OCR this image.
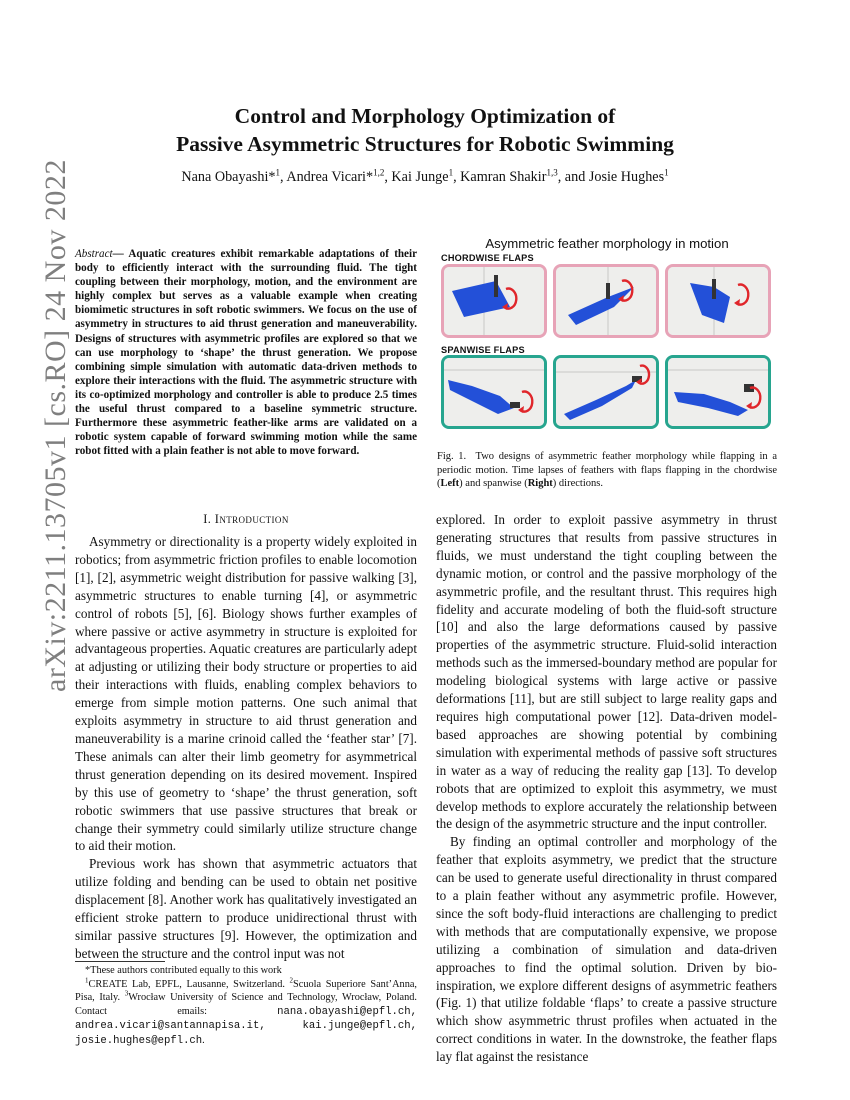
arXiv:2211.13705v1 [cs.RO] 24 Nov 2022
Control and Morphology Optimization of
Passive Asymmetric Structures for Robotic Swimming
Nana Obayashi*$^1$, Andrea Vicari*$^{1,2}$, Kai Junge$^1$, Kamran Shakir$^{1,3}$, and Josie Hughes$^1$
Abstract— Aquatic creatures exhibit remarkable adaptations of their body to efficiently interact with the surrounding fluid. The tight coupling between their morphology, motion, and the environment are highly complex but serves as a valuable example when creating biomimetic structures in soft robotic swimmers. We focus on the use of asymmetry in structures to aid thrust generation and maneuverability. Designs of structures with asymmetric profiles are explored so that we can use morphology to ‘shape’ the thrust generation. We propose combining simple simulation with automatic data-driven methods to explore their interactions with the fluid. The asymmetric structure with its co-optimized morphology and controller is able to produce 2.5 times the useful thrust compared to a baseline symmetric structure. Furthermore these asymmetric feather-like arms are validated on a robotic system capable of forward swimming motion while the same robot fitted with a plain feather is not able to move forward.
I. Introduction

Asymmetry or directionality is a property widely exploited in robotics; from asymmetric friction profiles to enable locomotion [1], [2], asymmetric weight distribution for passive walking [3], asymmetric structures to enable turning [4], or asymmetric control of robots [5], [6]. Biology shows further examples of where passive or active asymmetry in structure is exploited for advantageous properties. Aquatic creatures are particularly adept at adjusting or utilizing their body structure or properties to aid their interactions with fluids, enabling complex behaviors to emerge from simple motion patterns. One such animal that exploits asymmetry in structure to aid thrust generation and maneuverability is a marine crinoid called the ‘feather star’ [7]. These animals can alter their limb geometry for asymmetrical thrust generation depending on its desired movement. Inspired by this use of geometry to ‘shape’ the thrust generation, soft robotic swimmers that use passive structures that break or change their symmetry could similarly utilize structure change to aid their motion.

Previous work has shown that asymmetric actuators that utilize folding and bending can be used to obtain net positive displacement [8]. Another work has qualitatively investigated an efficient stroke pattern to produce unidirectional thrust with similar passive structures [9]. However, the optimization and between the structure and the control input was not

*These authors contributed equally to this work

$^1$CREATE Lab, EPFL, Lausanne, Switzerland. $^2$Scuola Superiore Sant’Anna, Pisa, Italy. $^3$Wrocław University of Science and Technology, Wrocław, Poland. Contact emails: nana.obayashi@epfl.ch, andrea.vicari@santannapisa.it, kai.junge@epfl.ch, josie.hughes@epfl.ch.

Asymmetric feather morphology in motion
CHORDWISE FLAPS
SPANWISE FLAPS
Fig. 1. Two designs of asymmetric feather morphology while flapping in a periodic motion. Time lapses of feathers with flaps flapping in the chordwise (Left) and spanwise (Right) directions.

explored. In order to exploit passive asymmetry in thrust generating structures that results from passive structures in fluids, we must understand the tight coupling between the dynamic motion, or control and the passive morphology of the asymmetric profile, and the resultant thrust. This requires high fidelity and accurate modeling of both the fluid-soft structure [10] and also the large deformations caused by passive properties of the asymmetric structure. Fluid-solid interaction methods such as the immersed-boundary method are popular for modeling biological systems with large active or passive deformations [11], but are still subject to large reality gaps and requires high computational power [12]. Data-driven model-based approaches are showing potential by combining simulation with experimental methods of passive soft structures in water as a way of reducing the reality gap [13]. To develop robots that are optimized to exploit this asymmetry, we must develop methods to explore accurately the relationship between the design of the asymmetric structure and the input controller.

By finding an optimal controller and morphology of the feather that exploits asymmetry, we predict that the structure can be used to generate useful directionality in thrust compared to a plain feather without any asymmetric profile. However, since the soft body-fluid interactions are challenging to predict with methods that are computationally expensive, we propose utilizing a combination of simulation and data-driven approaches to find the optimal solution. Driven by bio-inspiration, we explore different designs of asymmetric feathers (Fig. 1) that utilize foldable ‘flaps’ to create a passive structure which show asymmetric thrust profiles when actuated in the correct conditions in water. In the downstroke, the feather flaps lay flat against the resistance
